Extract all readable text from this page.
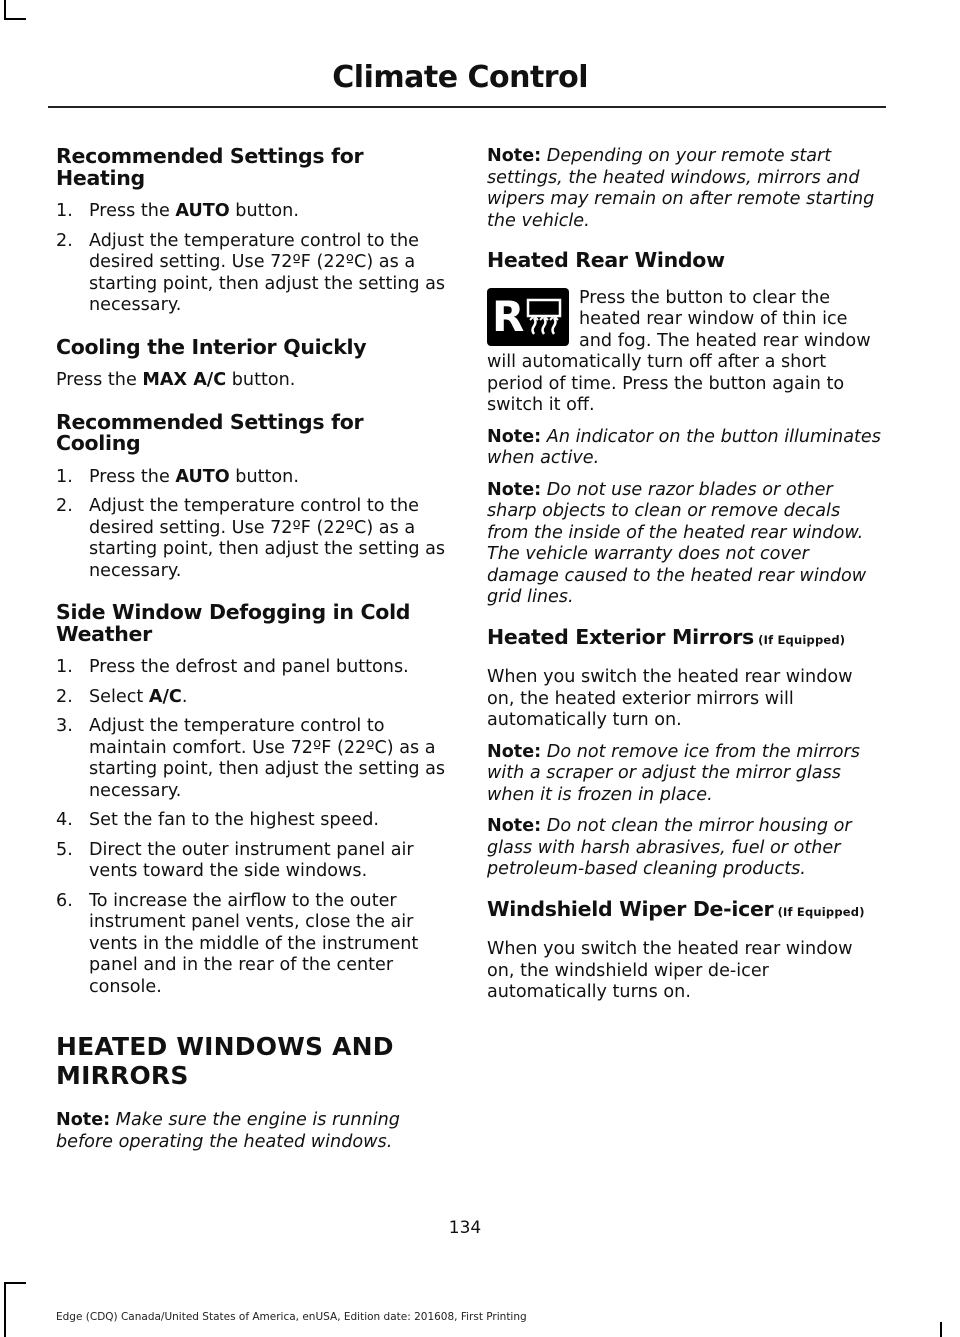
Climate Control
Recommended Settings for Heating
1. Press the AUTO button.
2. Adjust the temperature control to the desired setting. Use 72ºF (22ºC) as a starting point, then adjust the setting as necessary.
Cooling the Interior Quickly

Press the MAX A/C button.

Recommended Settings for Cooling
1. Press the AUTO button.
2. Adjust the temperature control to the desired setting. Use 72ºF (22ºC) as a starting point, then adjust the setting as necessary.
Side Window Defogging in Cold Weather
1. Press the defrost and panel buttons.
2. Select A/C.
3. Adjust the temperature control to maintain comfort. Use 72ºF (22ºC) as a starting point, then adjust the setting as necessary.
4. Set the fan to the highest speed.
5. Direct the outer instrument panel air vents toward the side windows.
6. To increase the airflow to the outer instrument panel vents, close the air vents in the middle of the instrument panel and in the rear of the center console.
HEATED WINDOWS AND
MIRRORS

Note: Make sure the engine is running before operating the heated windows.

Note: Depending on your remote start settings, the heated windows, mirrors and wipers may remain on after remote starting the vehicle.

Heated Rear Window
R	Press the button to clear the heated rear window of thin ice and fog. The heated rear window will automatically turn off after a short period of time. Press the button again to switch it off.

Note: An indicator on the button illuminates when active.

Note: Do not use razor blades or other sharp objects to clean or remove decals from the inside of the heated rear window. The vehicle warranty does not cover damage caused to the heated rear window grid lines.

Heated Exterior Mirrors (If Equipped)

When you switch the heated rear window on, the heated exterior mirrors will automatically turn on.

Note: Do not remove ice from the mirrors with a scraper or adjust the mirror glass when it is frozen in place.

Note: Do not clean the mirror housing or glass with harsh abrasives, fuel or other petroleum-based cleaning products.

Windshield Wiper De-icer (If Equipped)

When you switch the heated rear window on, the windshield wiper de-icer automatically turns on.

134
Edge (CDQ) Canada/United States of America, enUSA, Edition date: 201608, First Printing
